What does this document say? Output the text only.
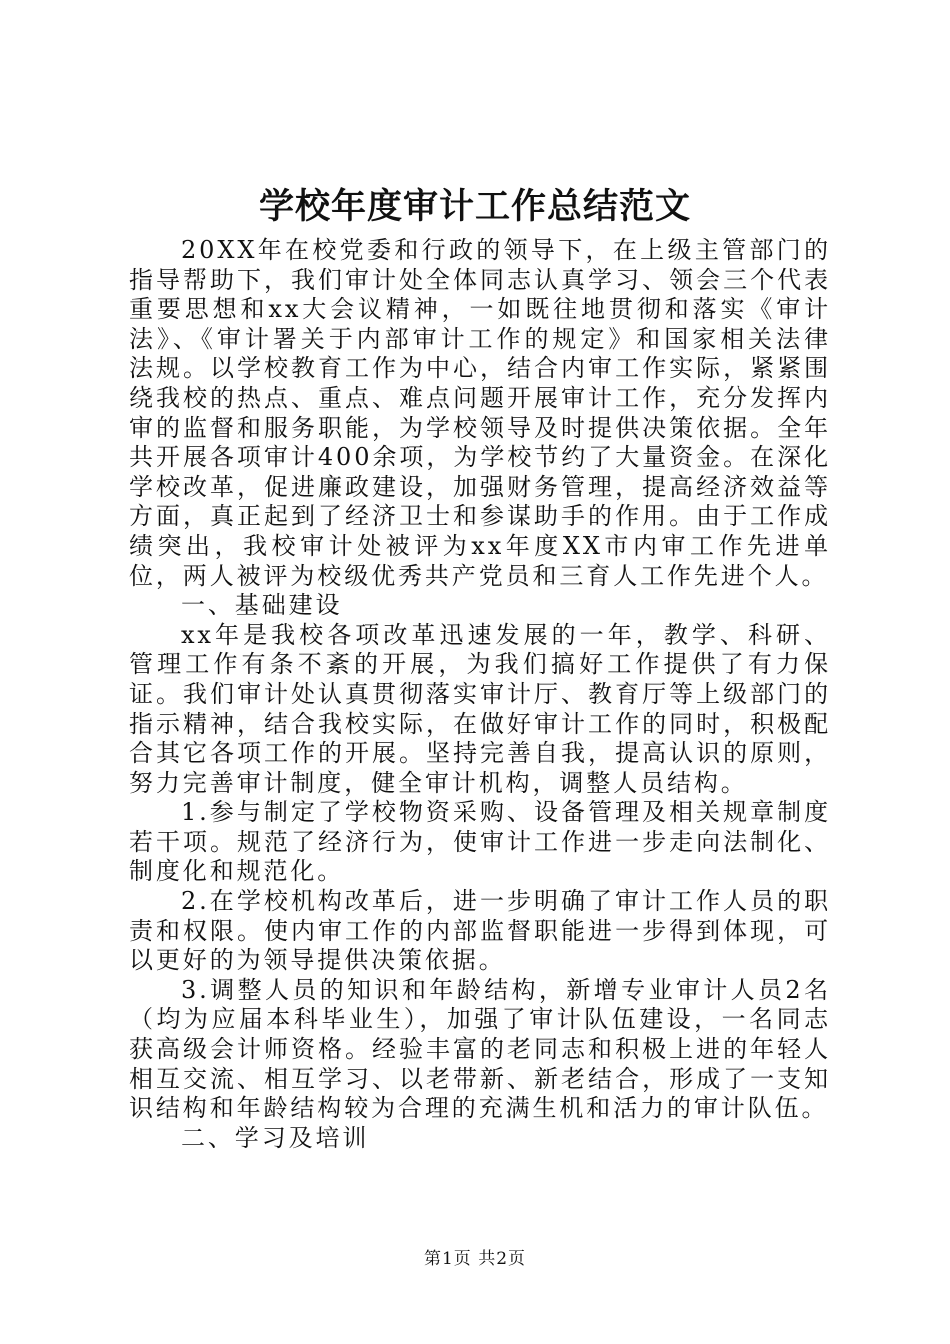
学校年度审计工作总结范文

20XX年在校党委和行政的领导下，在上级主管部门的指导帮助下，我们审计处全体同志认真学习、领会三个代表重要思想和xx大会议精神，一如既往地贯彻和落实《审计法》、《审计署关于内部审计工作的规定》和国家相关法律法规。以学校教育工作为中心，结合内审工作实际，紧紧围绕我校的热点、重点、难点问题开展审计工作，充分发挥内审的监督和服务职能，为学校领导及时提供决策依据。全年共开展各项审计400余项，为学校节约了大量资金。在深化学校改革，促进廉政建设，加强财务管理，提高经济效益等方面，真正起到了经济卫士和参谋助手的作用。由于工作成绩突出，我校审计处被评为xx年度XX市内审工作先进单位，两人被评为校级优秀共产党员和三育人工作先进个人。

一、基础建设

xx年是我校各项改革迅速发展的一年，教学、科研、管理工作有条不紊的开展，为我们搞好工作提供了有力保证。我们审计处认真贯彻落实审计厅、教育厅等上级部门的指示精神，结合我校实际，在做好审计工作的同时，积极配合其它各项工作的开展。坚持完善自我，提高认识的原则，努力完善审计制度，健全审计机构，调整人员结构。

1.参与制定了学校物资采购、设备管理及相关规章制度若干项。规范了经济行为，使审计工作进一步走向法制化、制度化和规范化。

2.在学校机构改革后，进一步明确了审计工作人员的职责和权限。使内审工作的内部监督职能进一步得到体现，可以更好的为领导提供决策依据。

3.调整人员的知识和年龄结构，新增专业审计人员2名（均为应届本科毕业生），加强了审计队伍建设，一名同志获高级会计师资格。经验丰富的老同志和积极上进的年轻人相互交流、相互学习、以老带新、新老结合，形成了一支知识结构和年龄结构较为合理的充满生机和活力的审计队伍。

二、学习及培训

第1页 共2页
